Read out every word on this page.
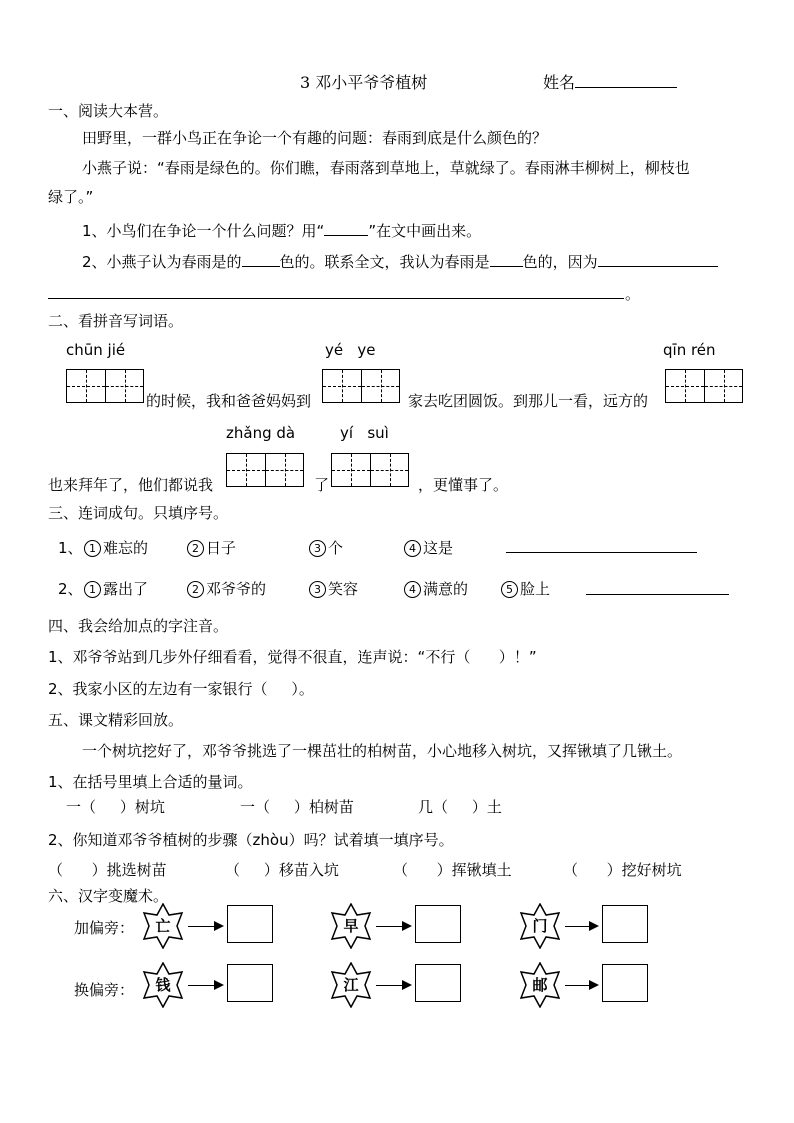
3 邓小平爷爷植树	姓名
一、阅读大本营。
田野里，一群小鸟正在争论一个有趣的问题：春雨到底是什么颜色的？
小燕子说：“春雨是绿色的。你们瞧，春雨落到草地上，草就绿了。春雨淋丰柳树上，柳枝也
绿了。”
1、小鸟们在争论一个什么问题？用“	”在文中画出来。
2、小燕子认为春雨是的	色的。联系全文，我认为春雨是 色的，因为
。
二、看拼音写词语。
chūn jié	yé   ye	qīn rén
的时候，我和爸爸妈妈到	家去吃团圆饭。到那儿一看，远方的
zhǎng dà	yí   suì
也来拜年了，他们都说我	了	，更懂事了。
三、连词成句。只填序号。
1、 1 难忘的	2 日子	3 个	4 这是
2、 1 露出了	2 邓爷爷的	3 笑容	4 满意的	5 脸上
四、我会给加点的字注音。
1、邓爷爷站到几步外仔细看看，觉得不很直，连声说：“不行（      ）！”
2、我家小区的左边有一家银行（     ）。
五、课文精彩回放。
一个树坑挖好了，邓爷爷挑选了一棵茁壮的柏树苗，小心地移入树坑，又挥锹填了几锹土。
1、在括号里填上合适的量词。
一（     ）树坑	一（     ）柏树苗	几（     ）土
2、你知道邓爷爷植树的步骤（zhòu）吗？试着填一填序号。
（      ）挑选树苗	（     ）移苗入坑	（      ）挥锹填土	（      ）挖好树坑
六、汉字变魔术。
加偏旁：
换偏旁：
亡	早	门
钱	江	邮
